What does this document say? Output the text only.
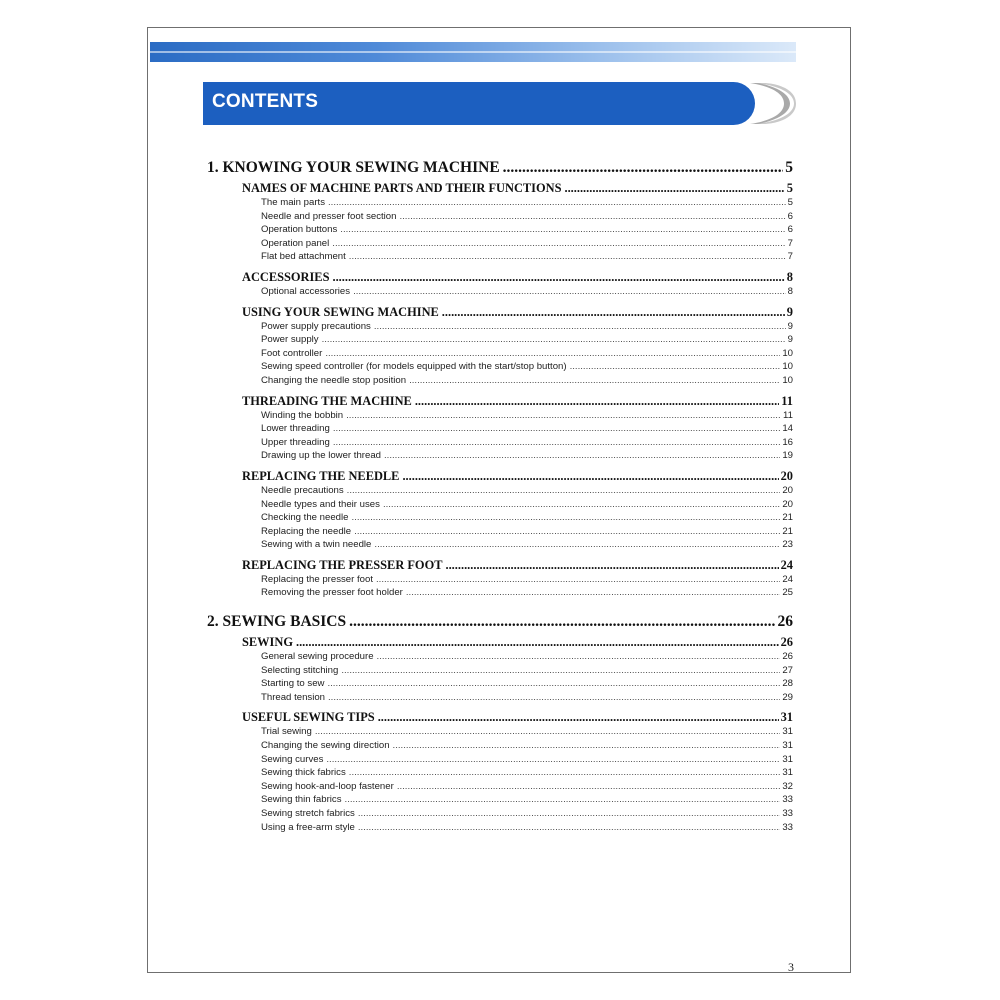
CONTENTS
1. KNOWING YOUR SEWING MACHINE .....	5
NAMES OF MACHINE PARTS AND THEIR FUNCTIONS .....	5
The main parts .....	5
Needle and presser foot section .....	6
Operation buttons .....	6
Operation panel .....	7
Flat bed attachment .....	7
ACCESSORIES .....	8
Optional accessories .....	8
USING YOUR SEWING MACHINE .....	9
Power supply precautions .....	9
Power supply .....	9
Foot controller .....	10
Sewing speed controller (for models equipped with the start/stop button) .....	10
Changing the needle stop position .....	10
THREADING THE MACHINE .....	11
Winding the bobbin .....	11
Lower threading .....	14
Upper threading .....	16
Drawing up the lower thread .....	19
REPLACING THE NEEDLE .....	20
Needle precautions .....	20
Needle types and their uses .....	20
Checking the needle .....	21
Replacing the needle .....	21
Sewing with a twin needle .....	23
REPLACING THE PRESSER FOOT .....	24
Replacing the presser foot .....	24
Removing the presser foot holder .....	25
2. SEWING BASICS .....	26
SEWING .....	26
General sewing procedure .....	26
Selecting stitching .....	27
Starting to sew .....	28
Thread tension .....	29
USEFUL SEWING TIPS .....	31
Trial sewing .....	31
Changing the sewing direction .....	31
Sewing curves .....	31
Sewing thick fabrics .....	31
Sewing hook-and-loop fastener .....	32
Sewing thin fabrics .....	33
Sewing stretch fabrics .....	33
Using a free-arm style .....	33
3
